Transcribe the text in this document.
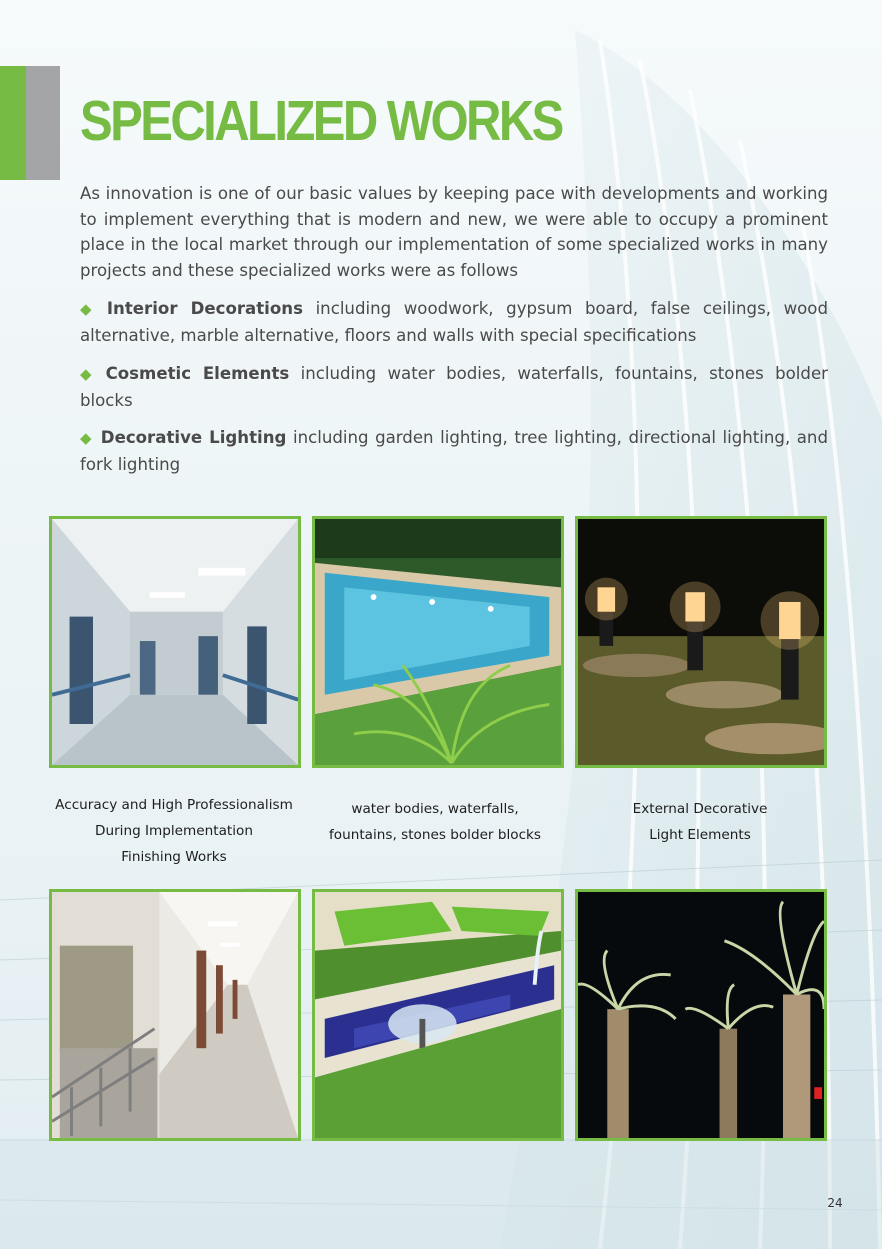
SPECIALIZED WORKS

As innovation is one of our basic values by keeping pace with developments and working to implement everything that is modern and new, we were able to occupy a prominent place in the local market through our implementation of some specialized works in many projects and these specialized works were as follows

◆ Interior Decorations including woodwork, gypsum board, false ceilings, wood alternative, marble alternative, floors and walls with special specifications

◆ Cosmetic Elements including water bodies, waterfalls, fountains, stones bolder blocks

◆ Decorative Lighting including garden lighting, tree lighting, directional lighting, and fork lighting

Accuracy and High Professionalism
During Implementation
Finishing Works

water bodies, waterfalls,
fountains, stones bolder blocks

External Decorative
Light Elements

24
